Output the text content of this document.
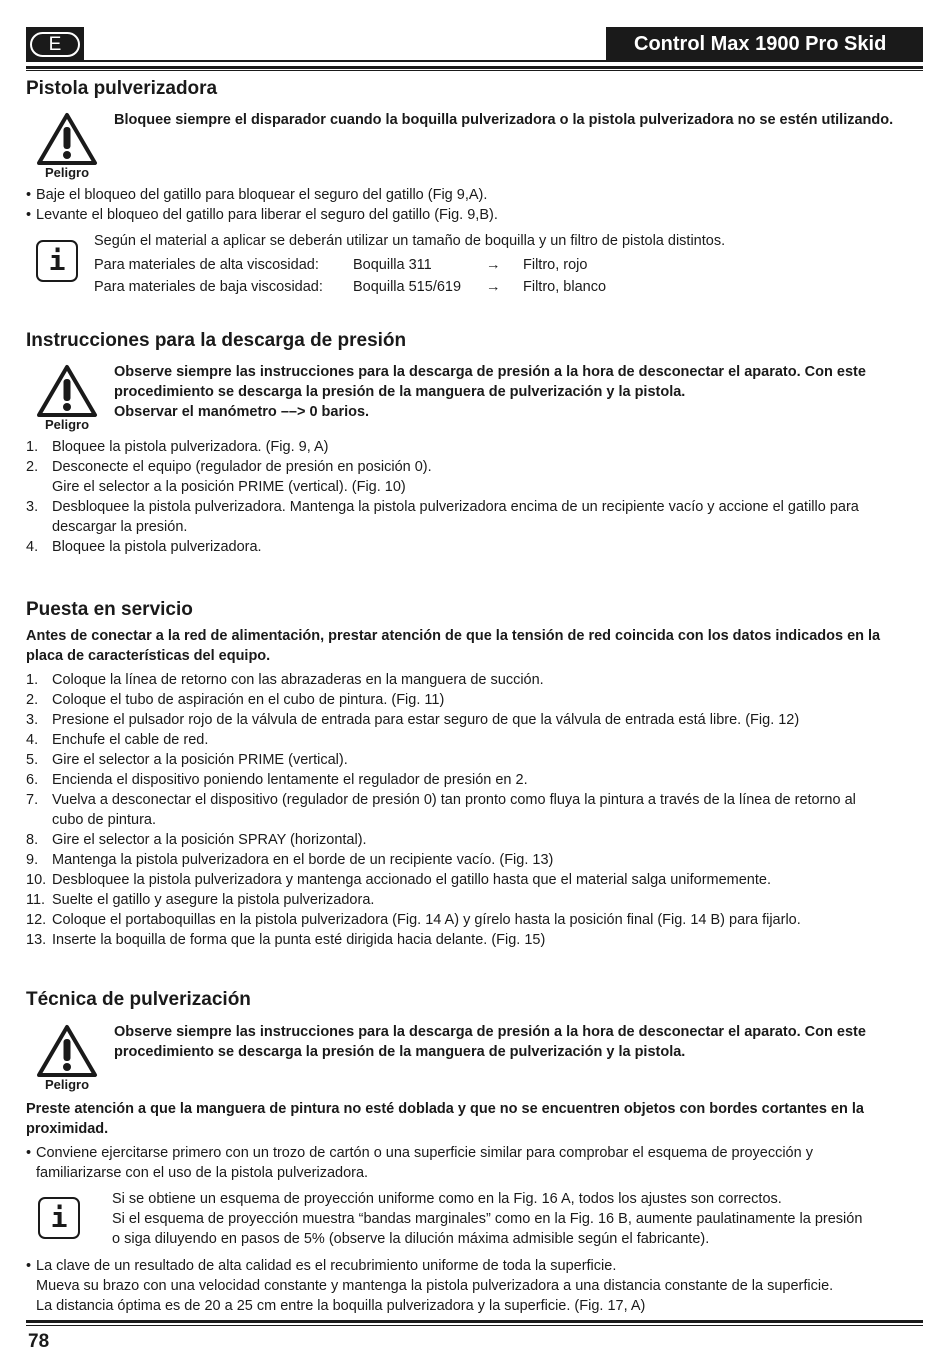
E	Control Max 1900 Pro Skid
Pistola pulverizadora
Peligro
Bloquee siempre el disparador cuando la boquilla pulverizadora o la pistola pulverizadora no se estén utilizando.
• Baje el bloqueo del gatillo para bloquear el seguro del gatillo (Fig 9,A).
• Levante el bloqueo del gatillo para liberar el seguro del gatillo (Fig. 9,B).
i
Según el material a aplicar se deberán utilizar un tamaño de boquilla y un filtro de pistola distintos.
Para materiales de alta viscosidad: Boquilla 311	→ Filtro, rojo
Para materiales de baja viscosidad: Boquilla 515/619 → Filtro, blanco
Instrucciones para la descarga de presión
Peligro
Observe siempre las instrucciones para la descarga de presión a la hora de desconectar el aparato. Con este
procedimiento se descarga la presión de la manguera de pulverización y la pistola.
Observar el manómetro ––> 0 barios.
1. Bloquee la pistola pulverizadora. (Fig. 9, A)
2. Desconecte el equipo (regulador de presión en posición 0).
Gire el selector a la posición PRIME (vertical). (Fig. 10)
3. Desbloquee la pistola pulverizadora. Mantenga la pistola pulverizadora encima de un recipiente vacío y accione el gatillo para
descargar la presión.
4. Bloquee la pistola pulverizadora.
Puesta en servicio
Antes de conectar a la red de alimentación, prestar atención de que la tensión de red coincida con los datos indicados en la
placa de características del equipo.
1. Coloque la línea de retorno con las abrazaderas en la manguera de succión.
2. Coloque el tubo de aspiración en el cubo de pintura. (Fig. 11)
3. Presione el pulsador rojo de la válvula de entrada para estar seguro de que la válvula de entrada está libre. (Fig. 12)
4. Enchufe el cable de red.
5. Gire el selector a la posición PRIME (vertical).
6. Encienda el dispositivo poniendo lentamente el regulador de presión en 2.
7. Vuelva a desconectar el dispositivo (regulador de presión 0) tan pronto como fluya la pintura a través de la línea de retorno al
cubo de pintura.
8. Gire el selector a la posición SPRAY (horizontal).
9. Mantenga la pistola pulverizadora en el borde de un recipiente vacío. (Fig. 13)
10. Desbloquee la pistola pulverizadora y mantenga accionado el gatillo hasta que el material salga uniformemente.
11. Suelte el gatillo y asegure la pistola pulverizadora.
12. Coloque el portaboquillas en la pistola pulverizadora (Fig. 14 A) y gírelo hasta la posición final (Fig. 14 B) para fijarlo.
13. Inserte la boquilla de forma que la punta esté dirigida hacia delante. (Fig. 15)
Técnica de pulverización
Peligro
Observe siempre las instrucciones para la descarga de presión a la hora de desconectar el aparato. Con este
procedimiento se descarga la presión de la manguera de pulverización y la pistola.
Preste atención a que la manguera de pintura no esté doblada y que no se encuentren objetos con bordes cortantes en la
proximidad.
• Conviene ejercitarse primero con un trozo de cartón o una superficie similar para comprobar el esquema de proyección y
familiarizarse con el uso de la pistola pulverizadora.
i
Si se obtiene un esquema de proyección uniforme como en la Fig. 16 A, todos los ajustes son correctos.
Si el esquema de proyección muestra “bandas marginales” como en la Fig. 16 B, aumente paulatinamente la presión
o siga diluyendo en pasos de 5% (observe la dilución máxima admisible según el fabricante).
• La clave de un resultado de alta calidad es el recubrimiento uniforme de toda la superficie.
Mueva su brazo con una velocidad constante y mantenga la pistola pulverizadora a una distancia constante de la superficie.
La distancia óptima es de 20 a 25 cm entre la boquilla pulverizadora y la superficie. (Fig. 17, A)
78
